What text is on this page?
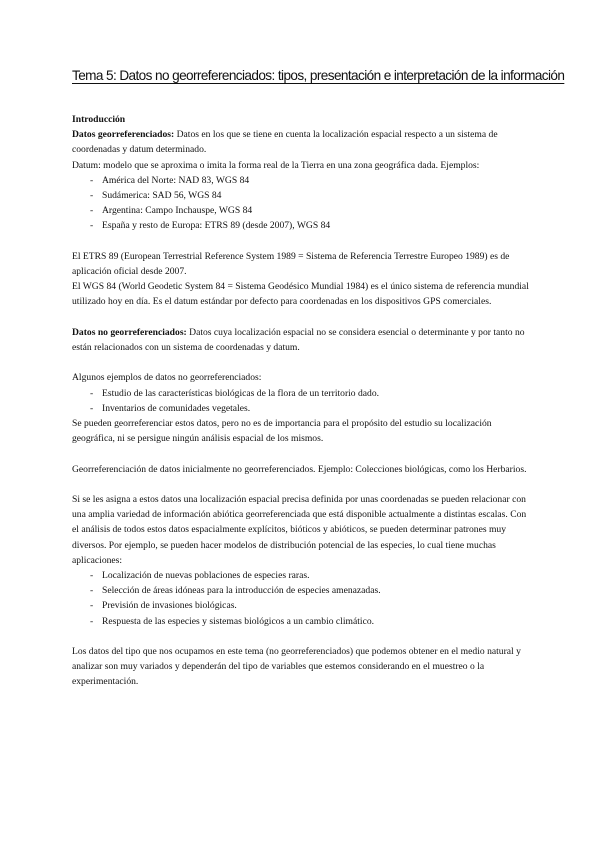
Tema 5: Datos no georreferenciados: tipos, presentación e interpretación de la información

Introducción

Datos georreferenciados: Datos en los que se tiene en cuenta la localización espacial respecto a un sistema de coordenadas y datum determinado.

Datum: modelo que se aproxima o imita la forma real de la Tierra en una zona geográfica dada. Ejemplos:

- América del Norte: NAD 83, WGS 84
- Sudámerica: SAD 56, WGS 84
- Argentina: Campo Inchauspe, WGS 84
- España y resto de Europa: ETRS 89 (desde 2007), WGS 84

El ETRS 89 (European Terrestrial Reference System 1989 = Sistema de Referencia Terrestre Europeo 1989) es de aplicación oficial desde 2007.

El WGS 84 (World Geodetic System 84 = Sistema Geodésico Mundial 1984) es el único sistema de referencia mundial utilizado hoy en día. Es el datum estándar por defecto para coordenadas en los dispositivos GPS comerciales.

Datos no georreferenciados: Datos cuya localización espacial no se considera esencial o determinante y por tanto no están relacionados con un sistema de coordenadas y datum.

Algunos ejemplos de datos no georreferenciados:

- Estudio de las características biológicas de la flora de un territorio dado.
- Inventarios de comunidades vegetales.

Se pueden georreferenciar estos datos, pero no es de importancia para el propósito del estudio su localización geográfica, ni se persigue ningún análisis espacial de los mismos.

Georreferenciación de datos inicialmente no georreferenciados. Ejemplo: Colecciones biológicas, como los Herbarios.

Si se les asigna a estos datos una localización espacial precisa definida por unas coordenadas se pueden relacionar con una amplia variedad de información abiótica georreferenciada que está disponible actualmente a distintas escalas. Con el análisis de todos estos datos espacialmente explícitos, bióticos y abióticos, se pueden determinar patrones muy diversos. Por ejemplo, se pueden hacer modelos de distribución potencial de las especies, lo cual tiene muchas aplicaciones:

- Localización de nuevas poblaciones de especies raras.
- Selección de áreas idóneas para la introducción de especies amenazadas.
- Previsión de invasiones biológicas.
- Respuesta de las especies y sistemas biológicos a un cambio climático.

Los datos del tipo que nos ocupamos en este tema (no georreferenciados) que podemos obtener en el medio natural y analizar son muy variados y dependerán del tipo de variables que estemos considerando en el muestreo o la experimentación.
